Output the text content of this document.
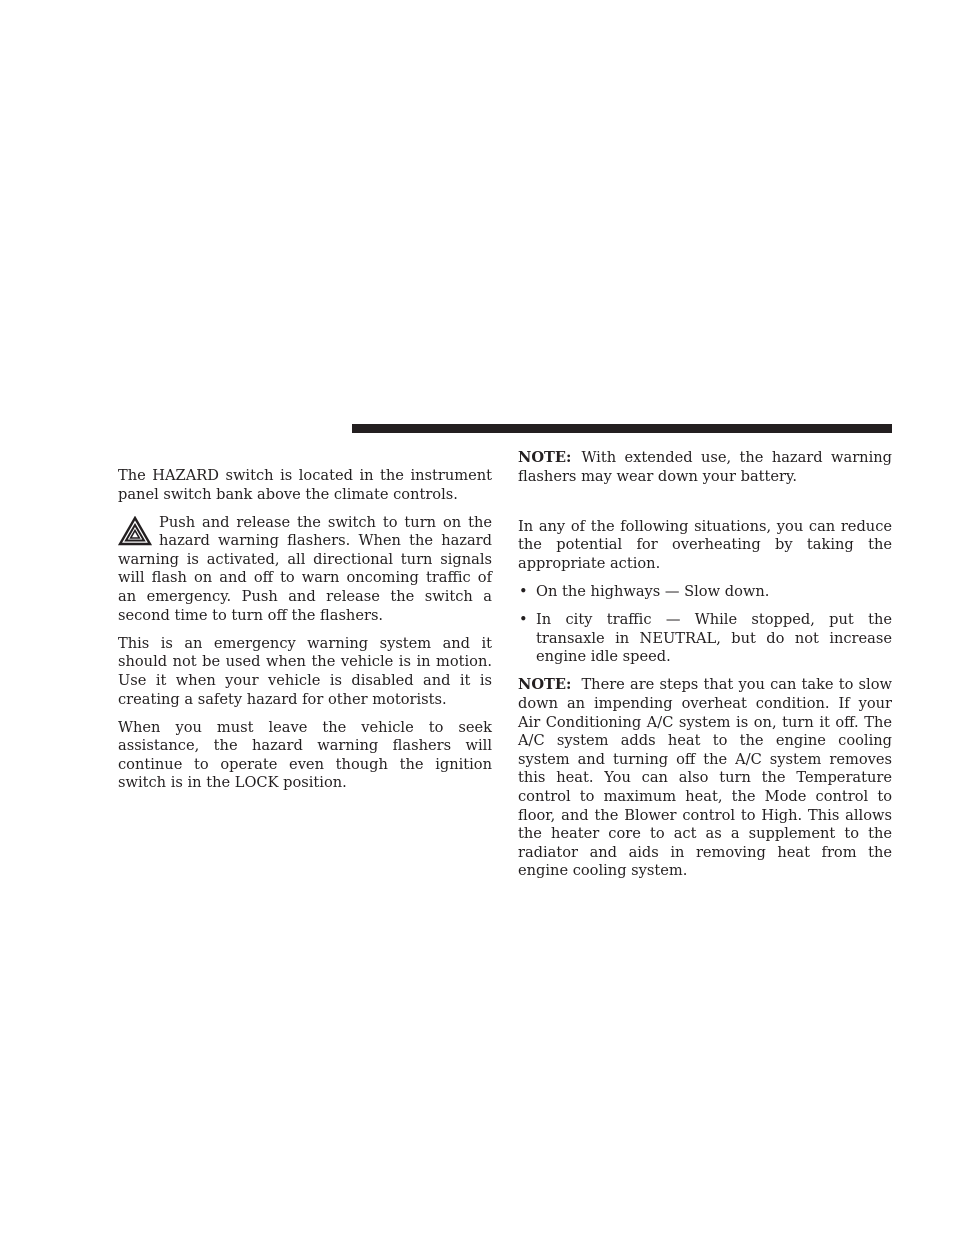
The HAZARD switch is located in the instrument panel switch bank above the climate controls.

Push and release the switch to turn on the hazard warning flashers. When the hazard warning is activated, all directional turn signals will flash on and off to warn oncoming traffic of an emergency. Push and release the switch a second time to turn off the flashers.

This is an emergency warning system and it should not be used when the vehicle is in motion. Use it when your vehicle is disabled and it is creating a safety hazard for other motorists.

When you must leave the vehicle to seek assistance, the hazard warning flashers will continue to operate even though the ignition switch is in the LOCK position.

NOTE: With extended use, the hazard warning flashers may wear down your battery.

In any of the following situations, you can reduce the potential for overheating by taking the appropriate action.

• On the highways — Slow down.
• In city traffic — While stopped, put the transaxle in NEUTRAL, but do not increase engine idle speed.

NOTE: There are steps that you can take to slow down an impending overheat condition. If your Air Conditioning A/C system is on, turn it off. The A/C system adds heat to the engine cooling system and turning off the A/C system removes this heat. You can also turn the Temperature control to maximum heat, the Mode control to floor, and the Blower control to High. This allows the heater core to act as a supplement to the radiator and aids in removing heat from the engine cooling system.
